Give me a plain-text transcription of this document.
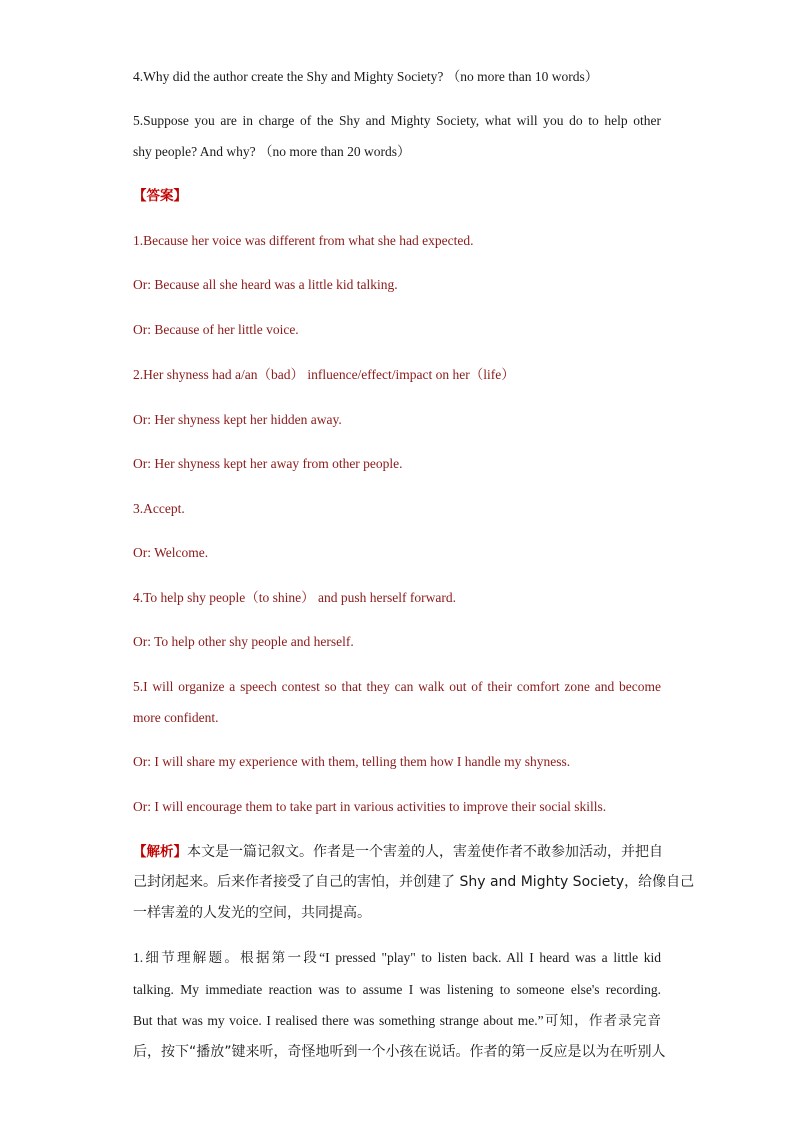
4.Why did the author create the Shy and Mighty Society? （no more than 10 words）
5.Suppose you are in charge of the Shy and Mighty Society, what will you do to help other
shy people? And why? （no more than 20 words）
【答案】
1.Because her voice was different from what she had expected.
Or: Because all she heard was a little kid talking.
Or: Because of her little voice.
2.Her shyness had a/an（bad） influence/effect/impact on her（life）
Or: Her shyness kept her hidden away.
Or: Her shyness kept her away from other people.
3.Accept.
Or: Welcome.
4.To help shy people（to shine） and push herself forward.
Or: To help other shy people and herself.
5.I will organize a speech contest so that they can walk out of their comfort zone and become
more confident.
Or: I will share my experience with them, telling them how I handle my shyness.
Or: I will encourage them to take part in various activities to improve their social skills.
【解析】本文是一篇记叙文。作者是一个害羞的人，害羞使作者不敢参加活动，并把自
己封闭起来。后来作者接受了自己的害怕，并创建了 Shy and Mighty Society，给像自己
一样害羞的人发光的空间，共同提高。
1.细节理解题。根据第一段“I pressed "play" to listen back. All I heard was a little kid
talking. My immediate reaction was to assume I was listening to someone else's recording.
But that was my voice. I realised there was something strange about me.”可知，作者录完音
后，按下“播放”键来听，奇怪地听到一个小孩在说话。作者的第一反应是以为在听别人
